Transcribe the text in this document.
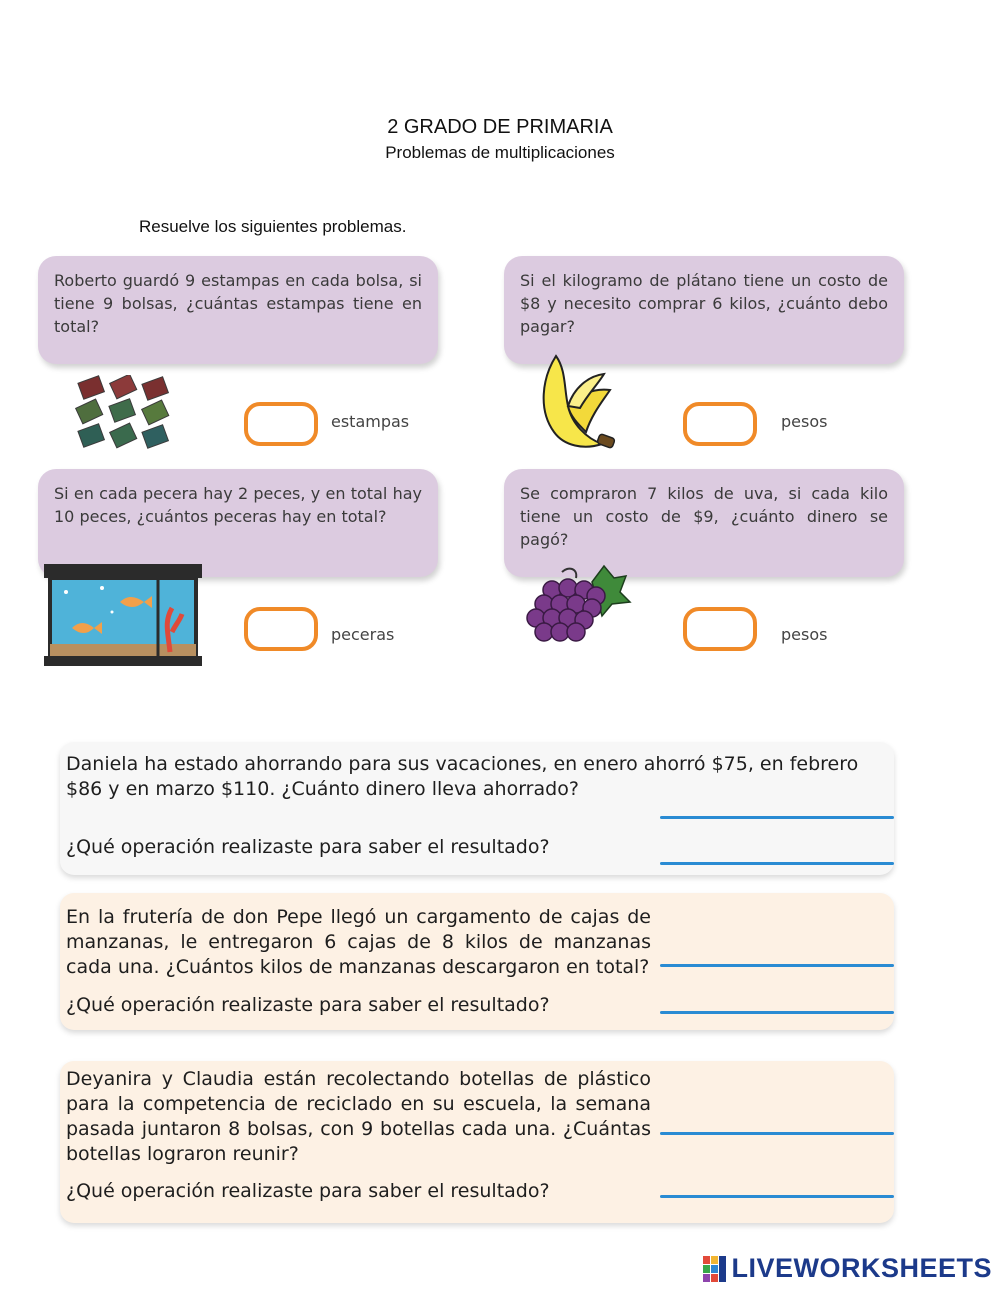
2 GRADO DE PRIMARIA
Problemas de multiplicaciones
Resuelve los siguientes problemas.
Roberto guardó 9 estampas en cada bolsa, si tiene 9 bolsas, ¿cuántas estampas tiene en total?
estampas
Si el kilogramo de plátano tiene un costo de $8 y necesito comprar 6 kilos, ¿cuánto debo pagar?
pesos
Si en cada pecera hay 2 peces, y en total hay 10 peces, ¿cuántos peceras hay en total?
peceras
Se compraron 7 kilos de uva, si cada kilo tiene un costo de $9, ¿cuánto dinero se pagó?
pesos
Daniela ha estado ahorrando para sus vacaciones, en enero ahorró $75, en febrero $86 y en marzo $110. ¿Cuánto dinero lleva ahorrado?
¿Qué operación realizaste para saber el resultado?
En la frutería de don Pepe llegó un cargamento de cajas de manzanas, le entregaron 6 cajas de 8 kilos de manzanas cada una. ¿Cuántos kilos de manzanas descargaron en total?
¿Qué operación realizaste para saber el resultado?
Deyanira y Claudia están recolectando botellas de plástico para la competencia de reciclado en su escuela, la semana pasada juntaron 8 bolsas, con 9 botellas cada una. ¿Cuántas botellas lograron reunir?
¿Qué operación realizaste para saber el resultado?
LIVEWORKSHEETS
